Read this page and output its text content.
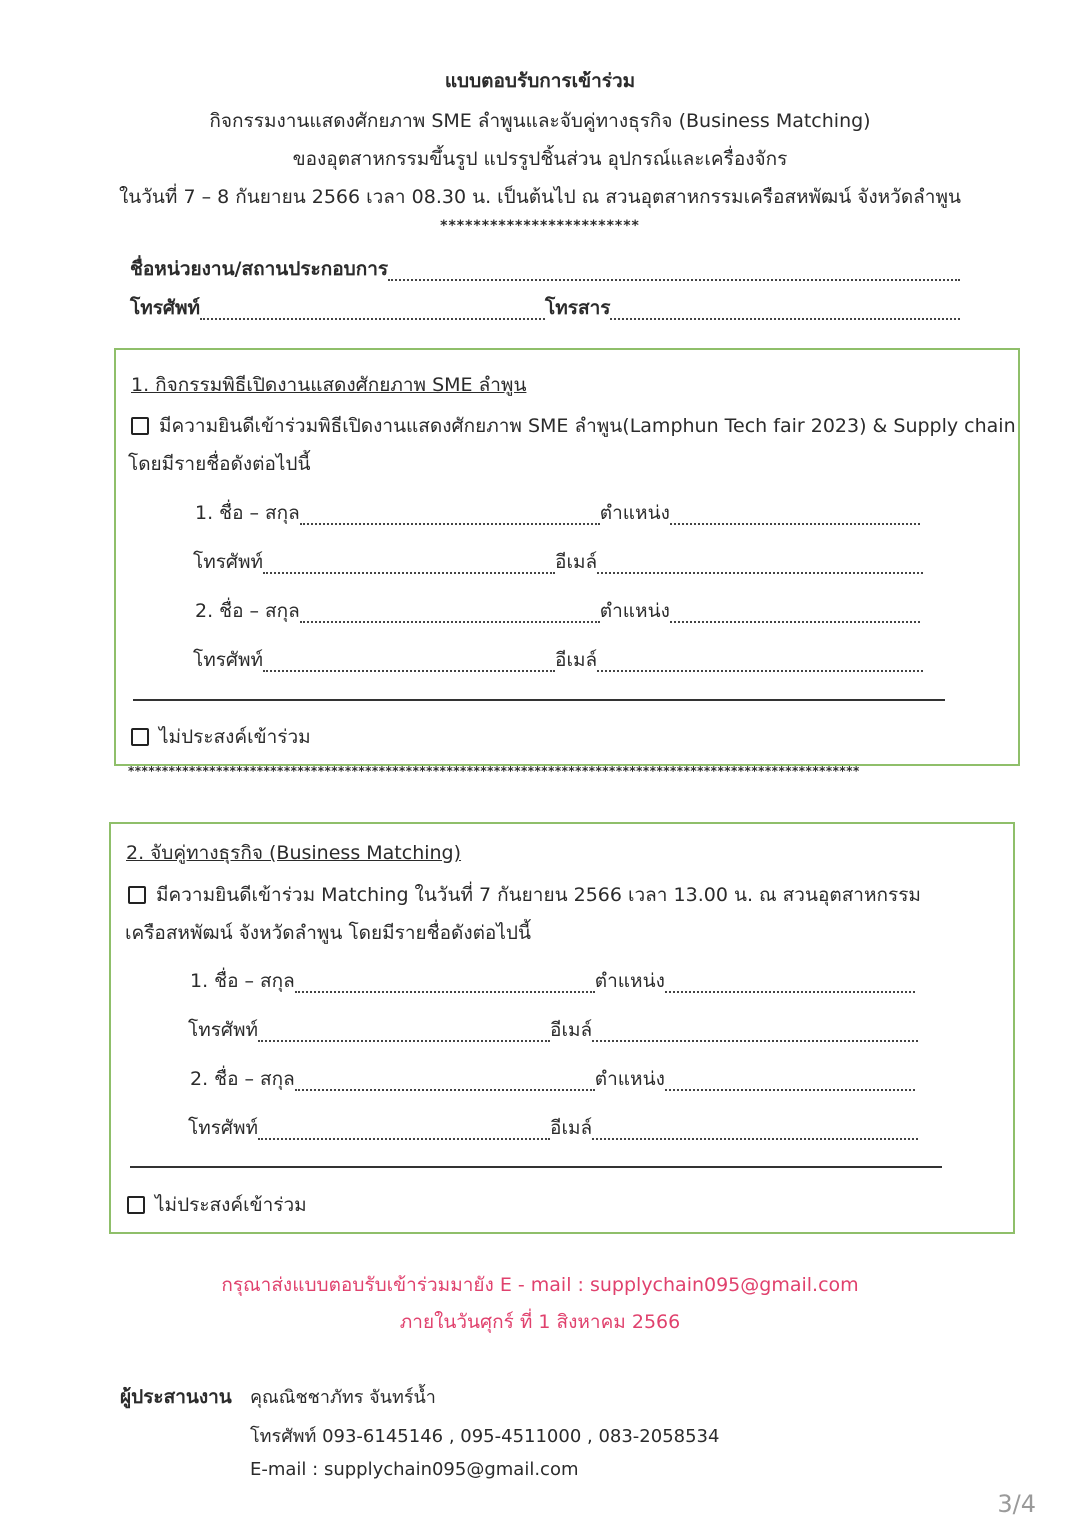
แบบตอบรับการเข้าร่วม
กิจกรรมงานแสดงศักยภาพ SME ลำพูนและจับคู่ทางธุรกิจ (Business Matching)
ของอุตสาหกรรมขึ้นรูป แปรรูปชิ้นส่วน อุปกรณ์และเครื่องจักร
ในวันที่ 7 – 8 กันยายน 2566 เวลา 08.30 น. เป็นต้นไป ณ สวนอุตสาหกรรมเครือสหพัฒน์ จังหวัดลำพูน
************************
ชื่อหน่วยงาน/สถานประกอบการ
โทรศัพท์	โทรสาร
1. กิจกรรมพิธีเปิดงานแสดงศักยภาพ SME ลำพูน
มีความยินดีเข้าร่วมพิธีเปิดงานแสดงศักยภาพ SME ลำพูน(Lamphun Tech fair 2023) & Supply chain
โดยมีรายชื่อดังต่อไปนี้
1. ชื่อ – สกุล	ตำแหน่ง
โทรศัพท์	อีเมล์
2. ชื่อ – สกุล	ตำแหน่ง
โทรศัพท์	อีเมล์
ไม่ประสงค์เข้าร่วม
************************************************************************************************************
2. จับคู่ทางธุรกิจ (Business Matching)
มีความยินดีเข้าร่วม Matching ในวันที่ 7 กันยายน 2566 เวลา 13.00 น. ณ สวนอุตสาหกรรม
เครือสหพัฒน์ จังหวัดลำพูน โดยมีรายชื่อดังต่อไปนี้
1. ชื่อ – สกุล	ตำแหน่ง
โทรศัพท์	อีเมล์
2. ชื่อ – สกุล	ตำแหน่ง
โทรศัพท์	อีเมล์
ไม่ประสงค์เข้าร่วม
กรุณาส่งแบบตอบรับเข้าร่วมมายัง E - mail : supplychain095@gmail.com
ภายในวันศุกร์ ที่ 1 สิงหาคม 2566
ผู้ประสานงาน คุณณิชชาภัทร จันทร์น้ำ
โทรศัพท์ 093-6145146 , 095-4511000 , 083-2058534
E-mail : supplychain095@gmail.com
3/4
